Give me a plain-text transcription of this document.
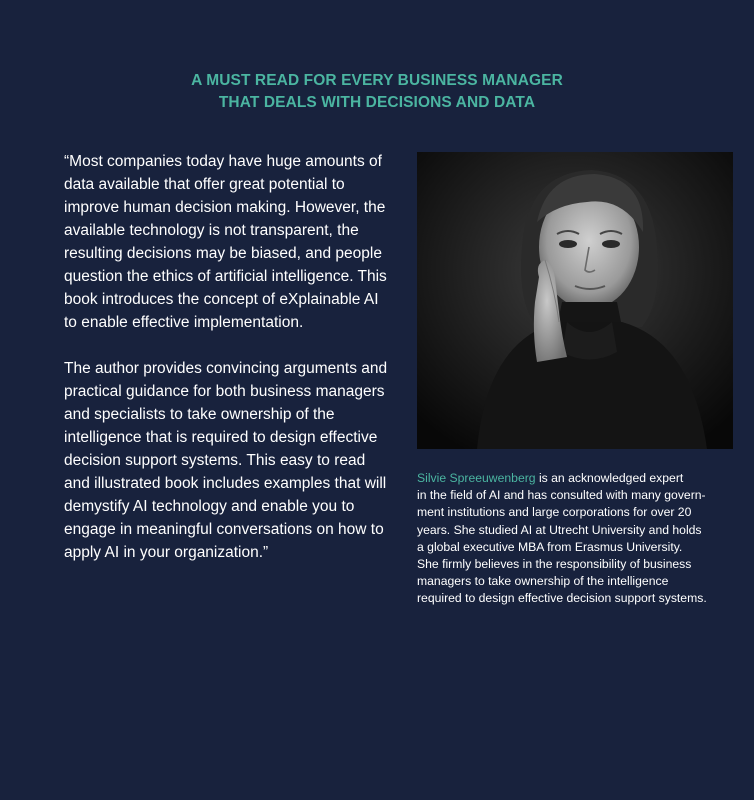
A MUST READ FOR EVERY BUSINESS MANAGER
THAT DEALS WITH DECISIONS AND DATA

“Most companies today have huge amounts of data available that offer great potential to improve human decision making. However, the available technology is not transparent, the resulting decisions may be biased, and people question the ethics of artificial intelligence. This book introduces the concept of eXplainable AI to enable effective implementation.

The author provides convincing arguments and practical guidance for both business managers and specialists to take ownership of the intelligence that is required to design effective decision support systems. This easy to read and illustrated book includes examples that will demystify AI technology and enable you to engage in meaningful conversations on how to apply AI in your organization.”

Silvie Spreeuwenberg is an acknowledged expert
in the field of AI and has consulted with many govern-
ment institutions and large corporations for over 20
years. She studied AI at Utrecht University and holds
a global executive MBA from Erasmus University.
She firmly believes in the responsibility of business
managers to take ownership of the intelligence
required to design effective decision support systems.
